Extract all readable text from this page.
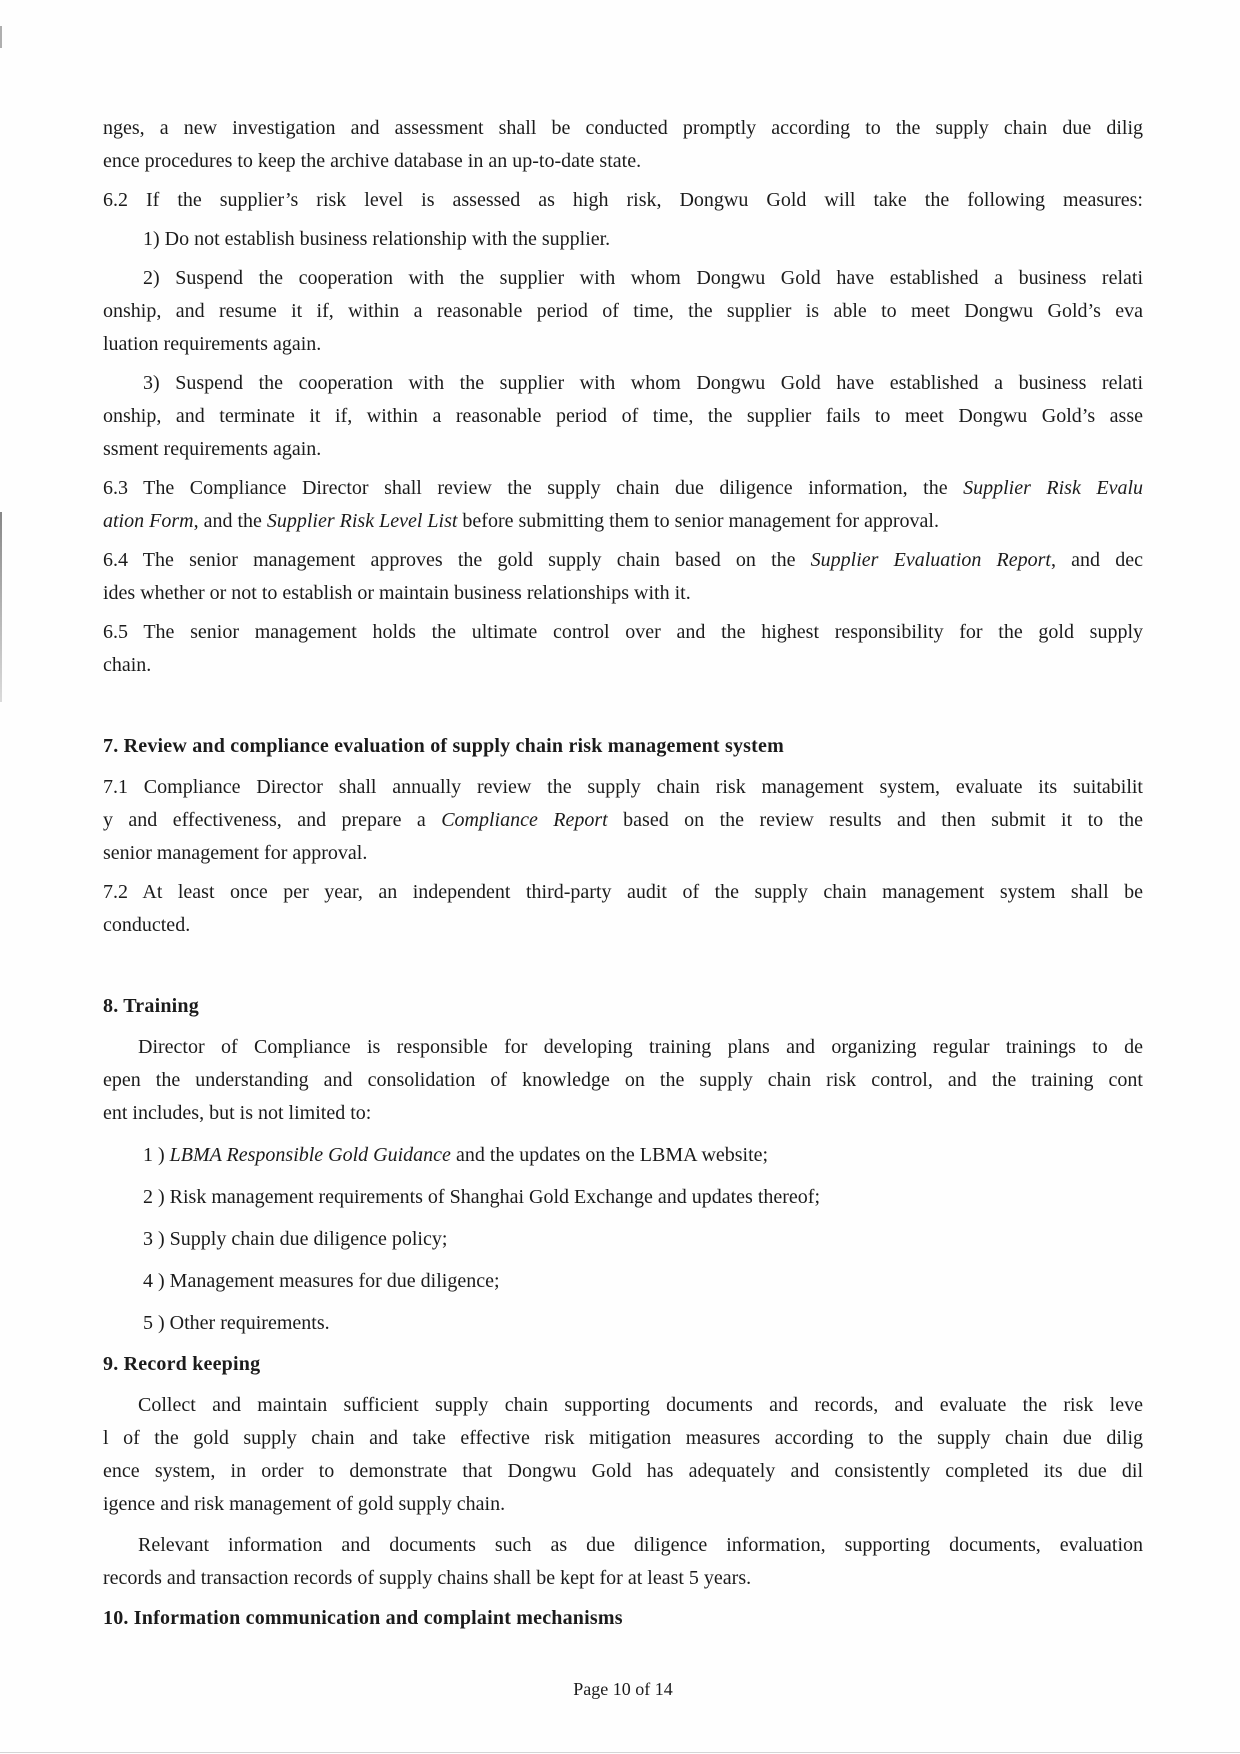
nges, a new investigation and assessment shall be conducted promptly according to the supply chain due dilig
ence procedures to keep the archive database in an up-to-date state.
6.2 If the supplier’s risk level is assessed as high risk, Dongwu Gold will take the following measures:
1) Do not establish business relationship with the supplier.
2) Suspend the cooperation with the supplier with whom Dongwu Gold have established a business relati
onship, and resume it if, within a reasonable period of time, the supplier is able to meet Dongwu Gold’s eva
luation requirements again.
3) Suspend the cooperation with the supplier with whom Dongwu Gold have established a business relati
onship, and terminate it if, within a reasonable period of time, the supplier fails to meet Dongwu Gold’s asse
ssment requirements again.
6.3 The Compliance Director shall review the supply chain due diligence information, the Supplier Risk Evalu
ation Form, and the Supplier Risk Level List before submitting them to senior management for approval.
6.4 The senior management approves the gold supply chain based on the Supplier Evaluation Report, and dec
ides whether or not to establish or maintain business relationships with it.
6.5 The senior management holds the ultimate control over and the highest responsibility for the gold supply
chain.
7. Review and compliance evaluation of supply chain risk management system
7.1 Compliance Director shall annually review the supply chain risk management system, evaluate its suitabilit
y and effectiveness, and prepare a Compliance Report based on the review results and then submit it to the
senior management for approval.
7.2 At least once per year, an independent third-party audit of the supply chain management system shall be
conducted.
8. Training
Director of Compliance is responsible for developing training plans and organizing regular trainings to de
epen the understanding and consolidation of knowledge on the supply chain risk control, and the training cont
ent includes, but is not limited to:
1 ) LBMA Responsible Gold Guidance and the updates on the LBMA website;
2 ) Risk management requirements of Shanghai Gold Exchange and updates thereof;
3 ) Supply chain due diligence policy;
4 ) Management measures for due diligence;
5 ) Other requirements.
9. Record keeping
Collect and maintain sufficient supply chain supporting documents and records, and evaluate the risk leve
l of the gold supply chain and take effective risk mitigation measures according to the supply chain due dilig
ence system, in order to demonstrate that Dongwu Gold has adequately and consistently completed its due dil
igence and risk management of gold supply chain.
Relevant information and documents such as due diligence information, supporting documents, evaluation
records and transaction records of supply chains shall be kept for at least 5 years.
10. Information communication and complaint mechanisms
Page 10 of 14
